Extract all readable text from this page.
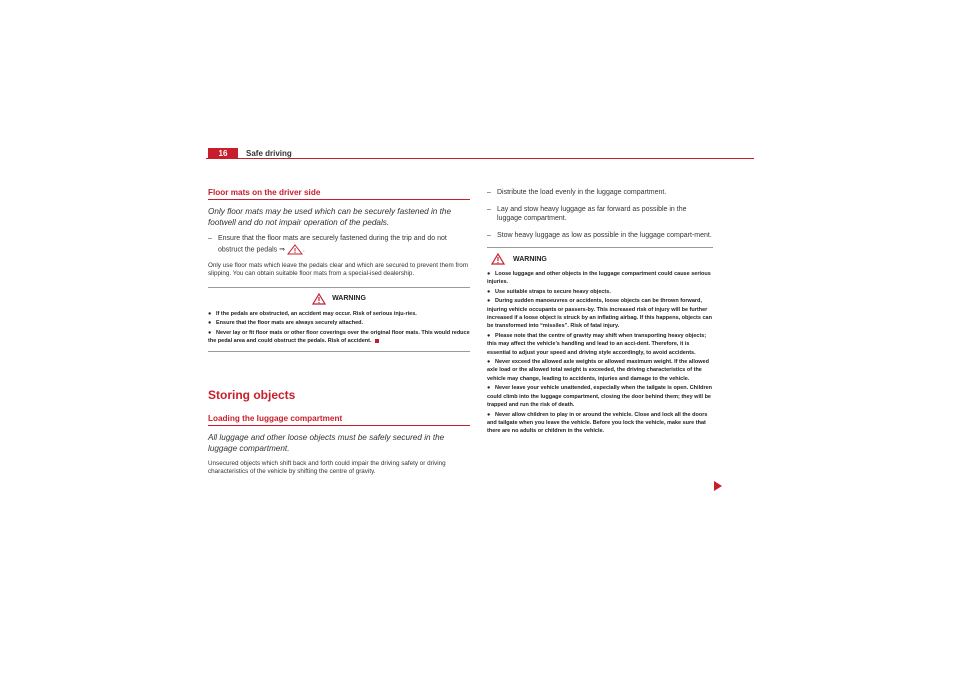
16	Safe driving
Floor mats on the driver side
Only floor mats may be used which can be securely fastened in the footwell and do not impair operation of the pedals.
– Ensure that the floor mats are securely fastened during the trip and do not obstruct the pedals ⇒	.
Only use floor mats which leave the pedals clear and which are secured to prevent them from slipping. You can obtain suitable floor mats from a special-ised dealership.
WARNING
● If the pedals are obstructed, an accident may occur. Risk of serious inju-ries.
● Ensure that the floor mats are always securely attached.
● Never lay or fit floor mats or other floor coverings over the original floor mats. This would reduce the pedal area and could obstruct the pedals. Risk of accident.
Storing objects
Loading the luggage compartment
All luggage and other loose objects must be safely secured in the luggage compartment.
Unsecured objects which shift back and forth could impair the driving safety or driving characteristics of the vehicle by shifting the centre of gravity.
– Distribute the load evenly in the luggage compartment.
– Lay and stow heavy luggage as far forward as possible in the luggage compartment.
– Stow heavy luggage as low as possible in the luggage compart-ment.
WARNING
● Loose luggage and other objects in the luggage compartment could cause serious injuries.
● Use suitable straps to secure heavy objects.
● During sudden manoeuvres or accidents, loose objects can be thrown forward, injuring vehicle occupants or passers-by. This increased risk of injury will be further increased if a loose object is struck by an inflating airbag. If this happens, objects can be transformed into “missiles”. Risk of fatal injury.
● Please note that the centre of gravity may shift when transporting heavy objects; this may affect the vehicle’s handling and lead to an acci-dent. Therefore, it is essential to adjust your speed and driving style accordingly, to avoid accidents.
● Never exceed the allowed axle weights or allowed maximum weight. If the allowed axle load or the allowed total weight is exceeded, the driving characteristics of the vehicle may change, leading to accidents, injuries and damage to the vehicle.
● Never leave your vehicle unattended, especially when the tailgate is open. Children could climb into the luggage compartment, closing the door behind them; they will be trapped and run the risk of death.
● Never allow children to play in or around the vehicle. Close and lock all the doors and tailgate when you leave the vehicle. Before you lock the vehicle, make sure that there are no adults or children in the vehicle.
